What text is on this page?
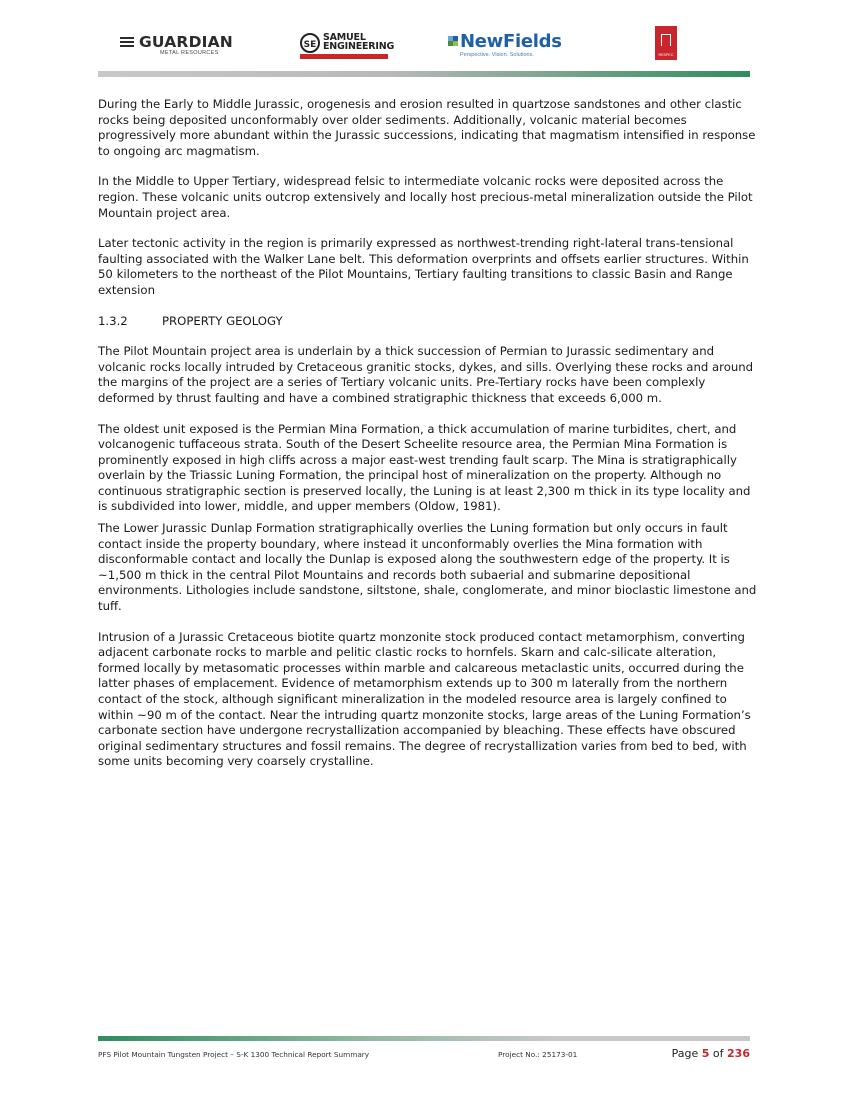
GUARDIAN
METAL RESOURCES
SE
SAMUEL
ENGINEERING	NewFields
Perspective. Vision. Solutions.	RESPEC

During the Early to Middle Jurassic, orogenesis and erosion resulted in quartzose sandstones and other clastic rocks being deposited unconformably over older sediments. Additionally, volcanic material becomes progressively more abundant within the Jurassic successions, indicating that magmatism intensified in response to ongoing arc magmatism.

In the Middle to Upper Tertiary, widespread felsic to intermediate volcanic rocks were deposited across the region. These volcanic units outcrop extensively and locally host precious-metal mineralization outside the Pilot Mountain project area.

Later tectonic activity in the region is primarily expressed as northwest-trending right-lateral trans-tensional faulting associated with the Walker Lane belt. This deformation overprints and offsets earlier structures. Within 50 kilometers to the northeast of the Pilot Mountains, Tertiary faulting transitions to classic Basin and Range extension

1.3.2	PROPERTY GEOLOGY

The Pilot Mountain project area is underlain by a thick succession of Permian to Jurassic sedimentary and volcanic rocks locally intruded by Cretaceous granitic stocks, dykes, and sills. Overlying these rocks and around the margins of the project are a series of Tertiary volcanic units. Pre-Tertiary rocks have been complexly deformed by thrust faulting and have a combined stratigraphic thickness that exceeds 6,000 m.

The oldest unit exposed is the Permian Mina Formation, a thick accumulation of marine turbidites, chert, and volcanogenic tuffaceous strata. South of the Desert Scheelite resource area, the Permian Mina Formation is prominently exposed in high cliffs across a major east-west trending fault scarp. The Mina is stratigraphically overlain by the Triassic Luning Formation, the principal host of mineralization on the property. Although no continuous stratigraphic section is preserved locally, the Luning is at least 2,300 m thick in its type locality and is subdivided into lower, middle, and upper members (Oldow, 1981).

The Lower Jurassic Dunlap Formation stratigraphically overlies the Luning formation but only occurs in fault contact inside the property boundary, where instead it unconformably overlies the Mina formation with disconformable contact and locally the Dunlap is exposed along the southwestern edge of the property. It is ~1,500 m thick in the central Pilot Mountains and records both subaerial and submarine depositional environments. Lithologies include sandstone, siltstone, shale, conglomerate, and minor bioclastic limestone and tuff.

Intrusion of a Jurassic Cretaceous biotite quartz monzonite stock produced contact metamorphism, converting adjacent carbonate rocks to marble and pelitic clastic rocks to hornfels. Skarn and calc-silicate alteration, formed locally by metasomatic processes within marble and calcareous metaclastic units, occurred during the latter phases of emplacement. Evidence of metamorphism extends up to 300 m laterally from the northern contact of the stock, although significant mineralization in the modeled resource area is largely confined to within ~90 m of the contact. Near the intruding quartz monzonite stocks, large areas of the Luning Formation’s carbonate section have undergone recrystallization accompanied by bleaching. These effects have obscured original sedimentary structures and fossil remains. The degree of recrystallization varies from bed to bed, with some units becoming very coarsely crystalline.

PFS Pilot Mountain Tungsten Project – S-K 1300 Technical Report Summary	Project No.: 25173-01	Page 5 of 236
